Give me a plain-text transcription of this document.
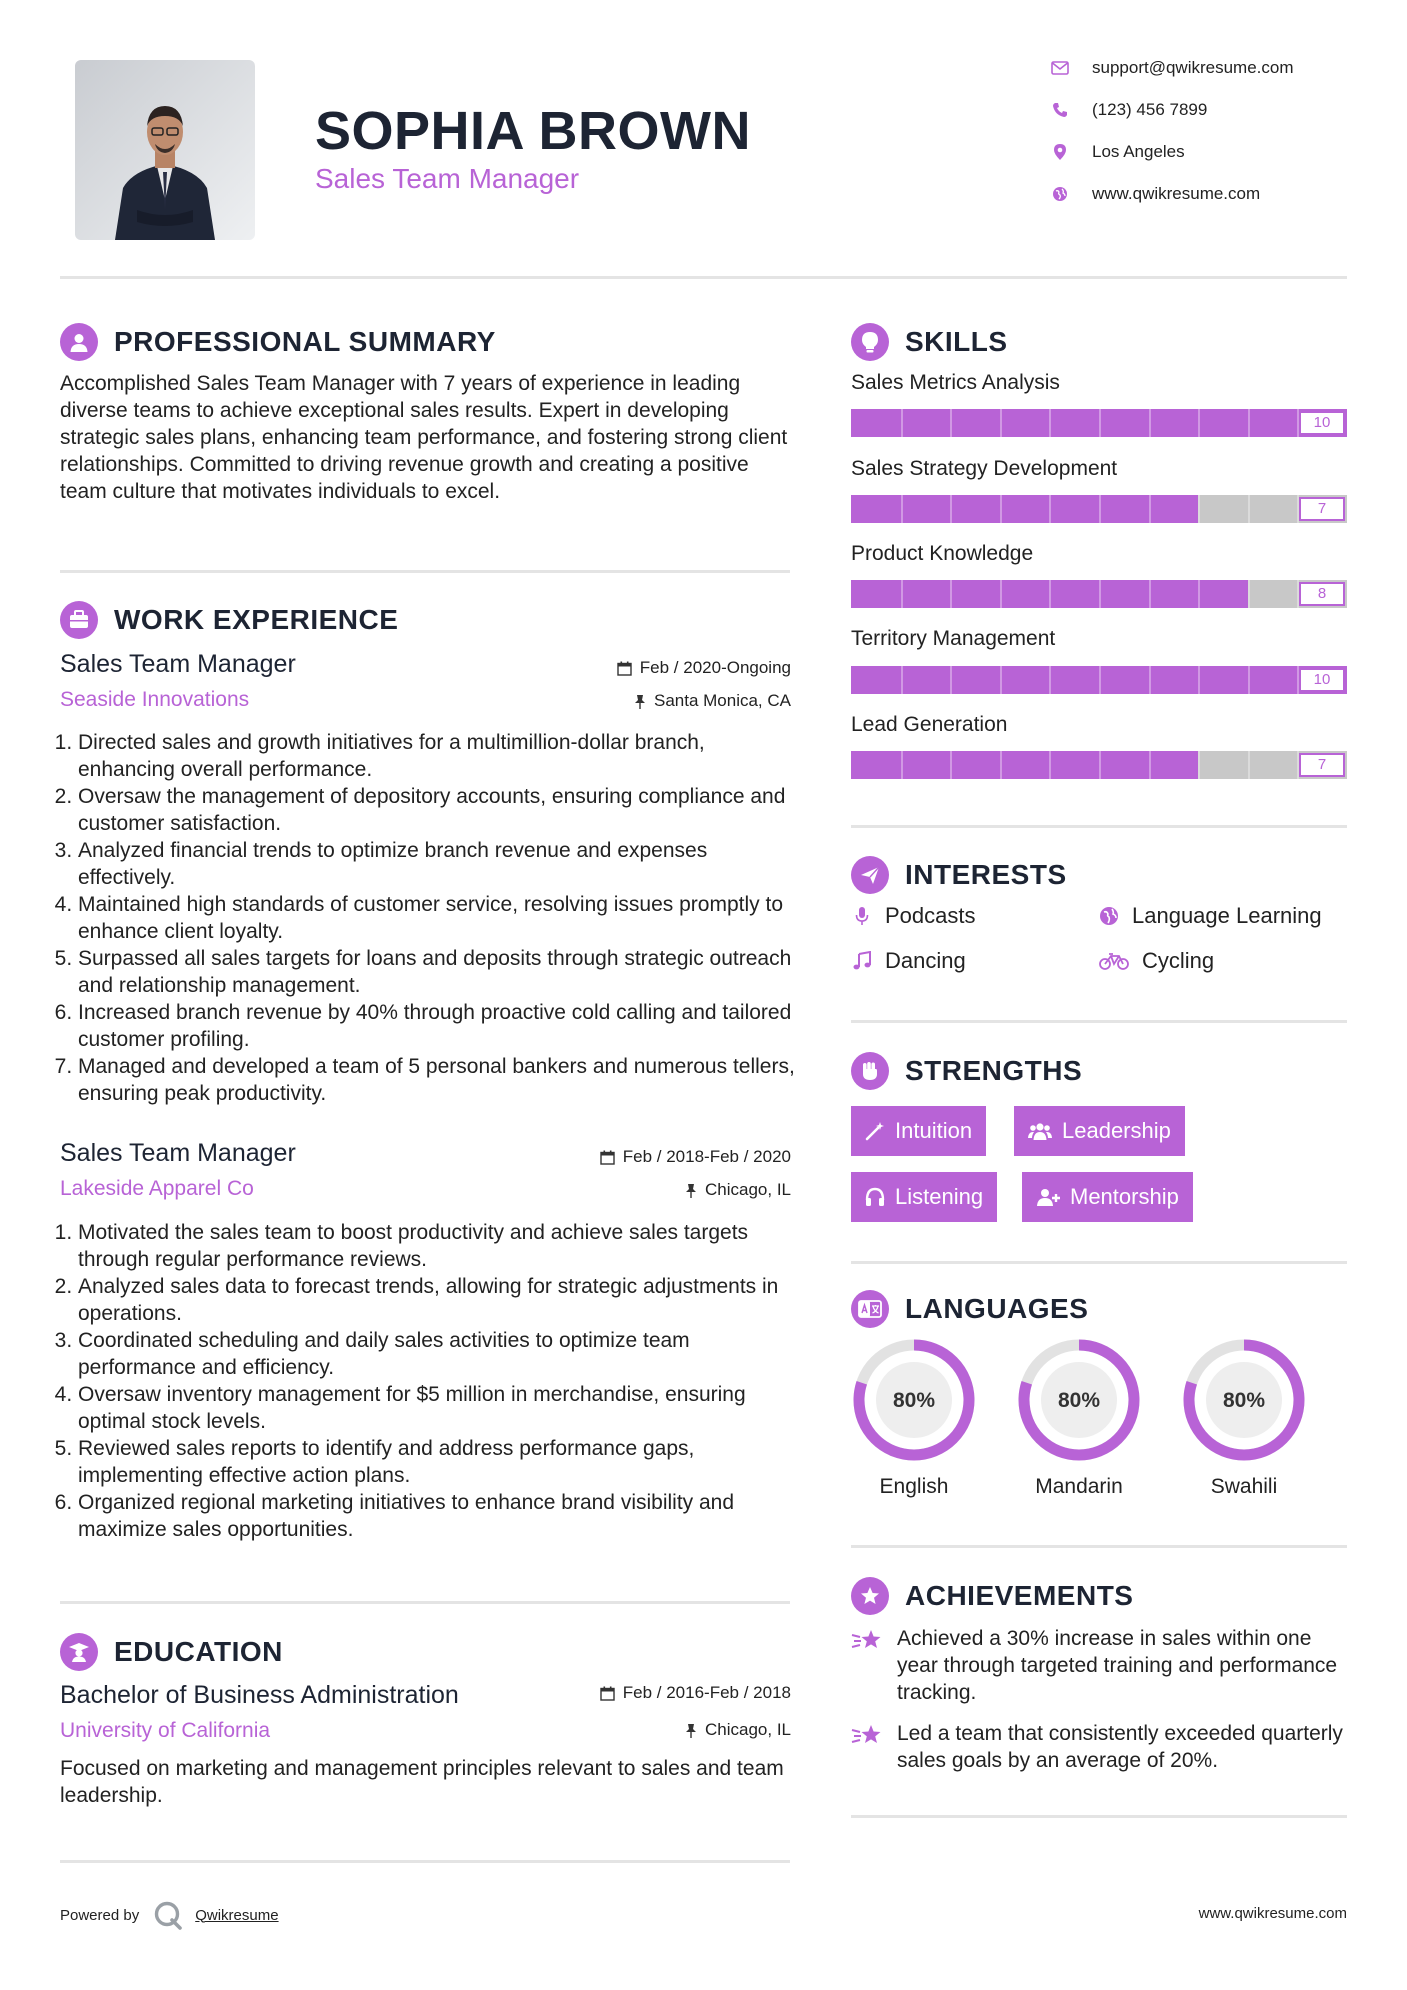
SOPHIA BROWN
Sales Team Manager
support@qwikresume.com
(123) 456 7899
Los Angeles
www.qwikresume.com
PROFESSIONAL SUMMARY
Accomplished Sales Team Manager with 7 years of experience in leading diverse teams to achieve exceptional sales results. Expert in developing strategic sales plans, enhancing team performance, and fostering strong client relationships. Committed to driving revenue growth and creating a positive team culture that motivates individuals to excel.
WORK EXPERIENCE
Sales Team Manager	Feb / 2020-Ongoing
Seaside Innovations	Santa Monica, CA
1. Directed sales and growth initiatives for a multimillion-dollar branch, enhancing overall performance.
2. Oversaw the management of depository accounts, ensuring compliance and customer satisfaction.
3. Analyzed financial trends to optimize branch revenue and expenses effectively.
4. Maintained high standards of customer service, resolving issues promptly to enhance client loyalty.
5. Surpassed all sales targets for loans and deposits through strategic outreach and relationship management.
6. Increased branch revenue by 40% through proactive cold calling and tailored customer profiling.
7. Managed and developed a team of 5 personal bankers and numerous tellers, ensuring peak productivity.
Sales Team Manager	Feb / 2018-Feb / 2020
Lakeside Apparel Co	Chicago, IL
1. Motivated the sales team to boost productivity and achieve sales targets through regular performance reviews.
2. Analyzed sales data to forecast trends, allowing for strategic adjustments in operations.
3. Coordinated scheduling and daily sales activities to optimize team performance and efficiency.
4. Oversaw inventory management for $5 million in merchandise, ensuring optimal stock levels.
5. Reviewed sales reports to identify and address performance gaps, implementing effective action plans.
6. Organized regional marketing initiatives to enhance brand visibility and maximize sales opportunities.
EDUCATION
Bachelor of Business Administration	Feb / 2016-Feb / 2018
University of California	Chicago, IL
Focused on marketing and management principles relevant to sales and team leadership.
SKILLS
Sales Metrics Analysis
10
Sales Strategy Development
7
Product Knowledge
8
Territory Management
10
Lead Generation
7
INTERESTS
Podcasts	Language Learning
Dancing	Cycling
STRENGTHS
Intuition	Leadership
Listening	Mentorship
LANGUAGES
80%	80%	80%
English	Mandarin	Swahili
ACHIEVEMENTS
Achieved a 30% increase in sales within one year through targeted training and performance tracking.
Led a team that consistently exceeded quarterly sales goals by an average of 20%.
Powered by	Qwikresume	www.qwikresume.com
